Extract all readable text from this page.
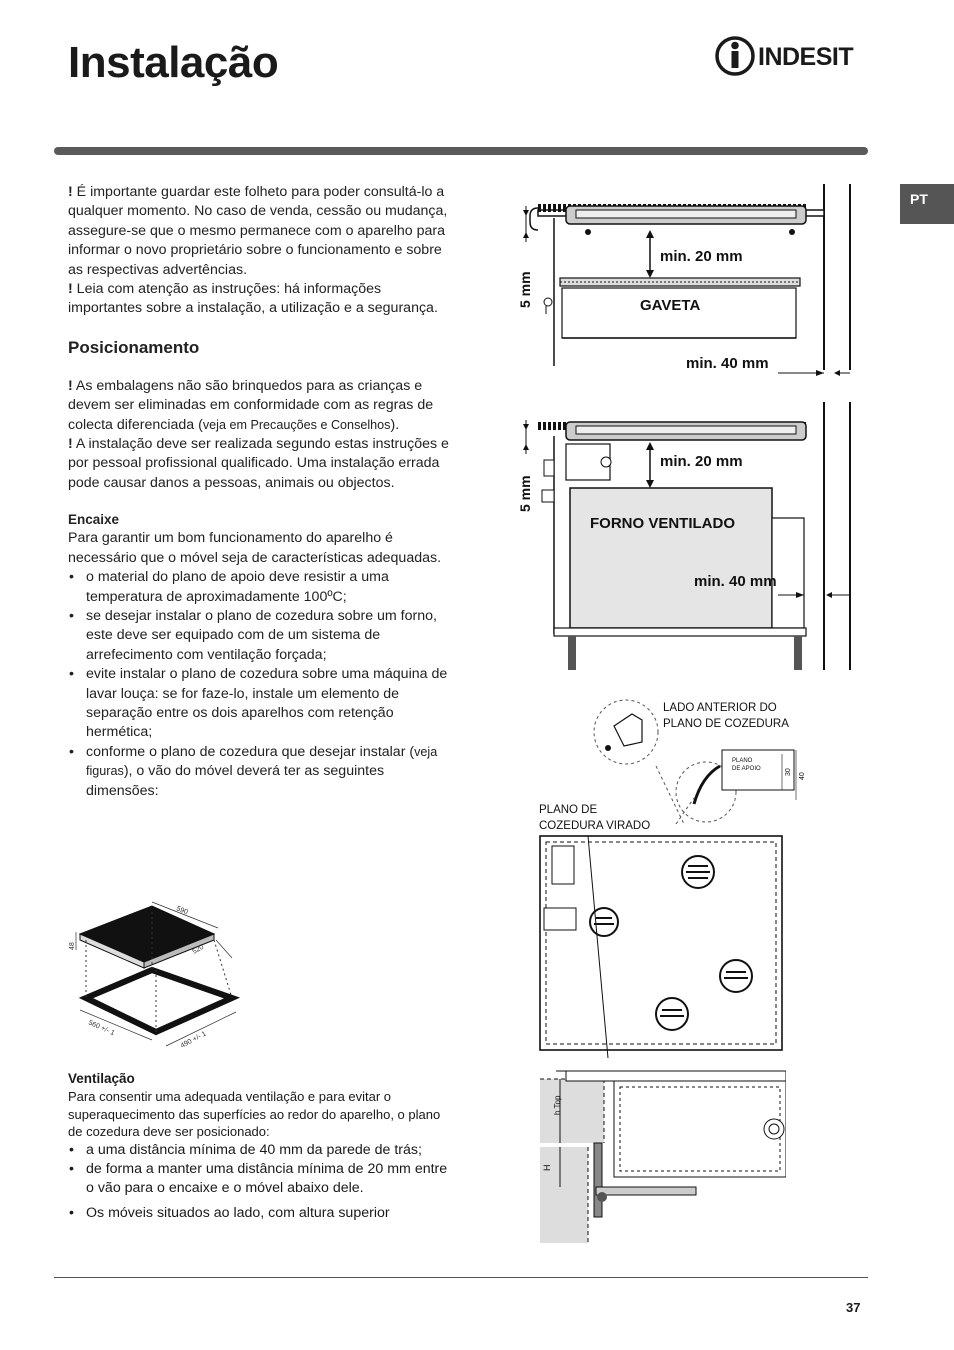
Instalação	INDESIT
PT

! É importante guardar este folheto para poder consultá-lo a qualquer momento. No caso de venda, cessão ou mudança, assegure-se que o mesmo permanece com o aparelho para informar o novo proprietário sobre o funcionamento e sobre as respectivas advertências.

! Leia com atenção as instruções: há informações importantes sobre a instalação, a utilização e a segurança.

Posicionamento

! As embalagens não são brinquedos para as crianças e devem ser eliminadas em conformidade com as regras de colecta diferenciada (veja em Precauções e Conselhos).

! A instalação deve ser realizada segundo estas instruções e por pessoal profissional qualificado. Uma instalação errada pode causar danos a pessoas, animais ou objectos.

Encaixe

Para garantir um bom funcionamento do aparelho é necessário que o móvel seja de características adequadas.

• o material do plano de apoio deve resistir a uma temperatura de aproximadamente 100ºC;
• se desejar instalar o plano de cozedura sobre um forno, este deve ser equipado com de um sistema de arrefecimento com ventilação forçada;
• evite instalar o plano de cozedura sobre uma máquina de lavar louça: se for faze-lo, instale um elemento de separação entre os dois aparelhos com retenção hermética;
• conforme o plano de cozedura que desejar instalar (veja figuras), o vão do móvel deverá ter as seguintes dimensões:
590
520
48
560 +/- 1
490 +/- 1
Ventilação

Para consentir uma adequada ventilação e para evitar o superaquecimento das superfícies ao redor do aparelho, o plano de cozedura deve ser posicionado:

• a uma distância mínima de 40 mm da parede de trás;
• de forma a manter uma distância mínima de 20 mm entre o vão para o encaixe e o móvel abaixo dele.
• Os móveis situados ao lado, com altura superior
5 mm
min. 20 mm
GAVETA
min. 40 mm
5 mm
min. 20 mm
FORNO VENTILADO
min. 40 mm
PLANO
DE APOIO	30
40
LADO ANTERIOR DO
PLANO DE COZEDURA
PLANO DE
COZEDURA VIRADO
h Top
H
37
